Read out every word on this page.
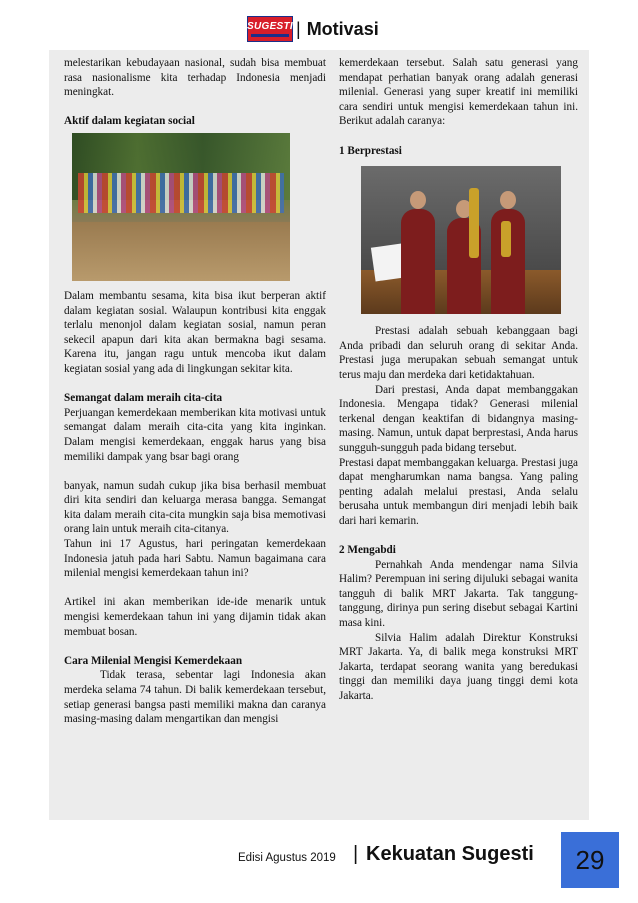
SUGESTI | Motivasi

melestarikan kebudayaan nasional, sudah bisa membuat rasa nasionalisme kita terhadap Indonesia menjadi meningkat.

Aktif dalam kegiatan social

Dalam membantu sesama, kita bisa ikut berperan aktif dalam kegiatan sosial. Walaupun kontribusi kita enggak terlalu menonjol dalam kegiatan sosial, namun peran sekecil apapun dari kita akan bermakna bagi sesama. Karena itu, jangan ragu untuk mencoba ikut dalam kegiatan sosial yang ada di lingkungan sekitar kita.

Semangat dalam meraih cita-cita

Perjuangan kemerdekaan memberikan kita motivasi untuk semangat dalam meraih cita-cita yang kita inginkan. Dalam mengisi kemerdekaan, enggak harus yang bisa memiliki dampak yang bsar bagi orang

banyak, namun sudah cukup jika bisa berhasil membuat diri kita sendiri dan keluarga merasa bangga. Semangat kita dalam meraih cita-cita mungkin saja bisa memotivasi orang lain untuk meraih cita-citanya.

Tahun ini 17 Agustus, hari peringatan kemerdekaan Indonesia jatuh pada hari Sabtu. Namun bagaimana cara milenial mengisi kemerdekaan tahun ini?

Artikel ini akan memberikan ide-ide menarik untuk mengisi kemerdekaan tahun ini yang dijamin tidak akan membuat bosan.

Cara Milenial Mengisi Kemerdekaan

Tidak terasa, sebentar lagi Indonesia akan merdeka selama 74 tahun. Di balik kemerdekaan tersebut, setiap generasi bangsa pasti memiliki makna dan caranya masing-masing dalam mengartikan dan mengisi

kemerdekaan tersebut. Salah satu generasi yang mendapat perhatian banyak orang adalah generasi milenial. Generasi yang super kreatif ini memiliki cara sendiri untuk mengisi kemerdekaan tahun ini. Berikut adalah caranya:

1 Berprestasi

Prestasi adalah sebuah kebanggaan bagi Anda pribadi dan seluruh orang di sekitar Anda. Prestasi juga merupakan sebuah semangat untuk terus maju dan merdeka dari ketidaktahuan.

Dari prestasi, Anda dapat membanggakan Indonesia. Mengapa tidak? Generasi milenial terkenal dengan keaktifan di bidangnya masing-masing. Namun, untuk dapat berprestasi, Anda harus sungguh-sungguh pada bidang tersebut.

Prestasi dapat membanggakan keluarga. Prestasi juga dapat mengharumkan nama bangsa. Yang paling penting adalah melalui prestasi, Anda selalu berusaha untuk membangun diri menjadi lebih baik dari hari kemarin.

2 Mengabdi

Pernahkah Anda mendengar nama Silvia Halim? Perempuan ini sering dijuluki sebagai wanita tangguh di balik MRT Jakarta. Tak tanggung-tanggung, dirinya pun sering disebut sebagai Kartini masa kini.

Silvia Halim adalah Direktur Konstruksi MRT Jakarta. Ya, di balik mega konstruksi MRT Jakarta, terdapat seorang wanita yang beredukasi tinggi dan memiliki daya juang tinggi demi kota Jakarta.

Edisi Agustus 2019 | Kekuatan Sugesti	29
